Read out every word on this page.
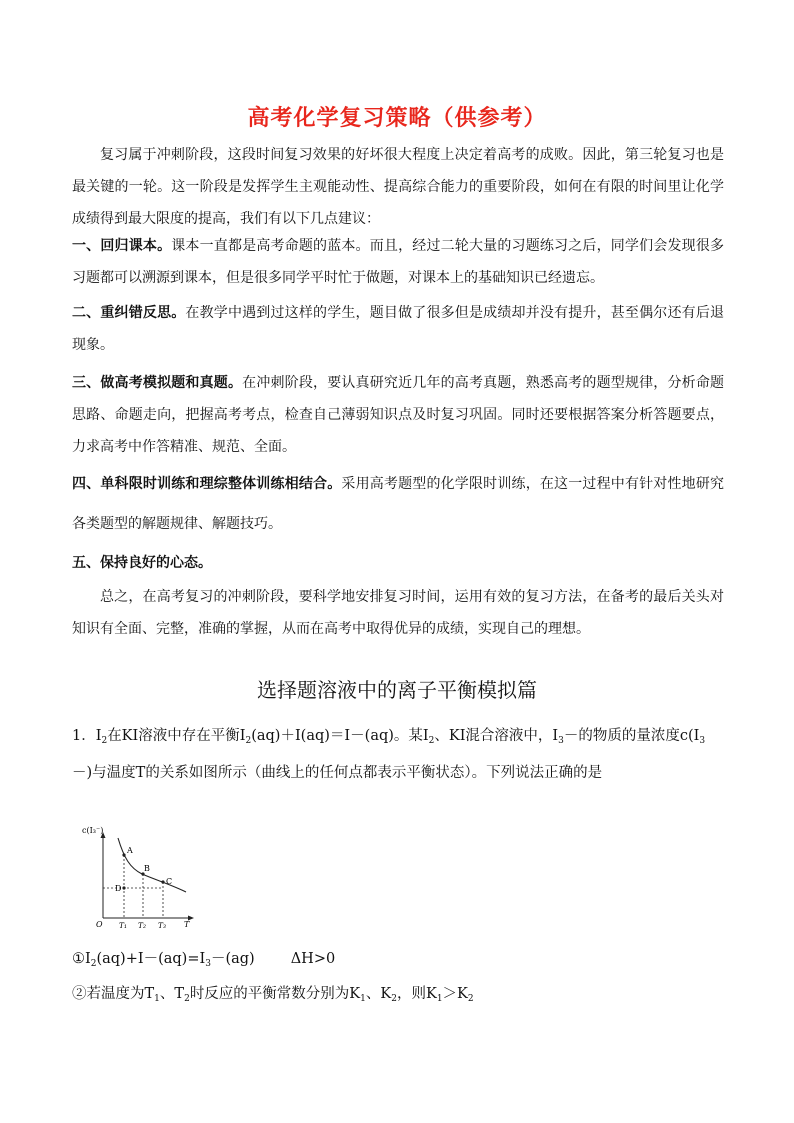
高考化学复习策略（供参考）

复习属于冲刺阶段，这段时间复习效果的好坏很大程度上决定着高考的成败。因此，第三轮复习也是最关键的一轮。这一阶段是发挥学生主观能动性、提高综合能力的重要阶段，如何在有限的时间里让化学成绩得到最大限度的提高，我们有以下几点建议：

一、回归课本。课本一直都是高考命题的蓝本。而且，经过二轮大量的习题练习之后，同学们会发现很多习题都可以溯源到课本，但是很多同学平时忙于做题，对课本上的基础知识已经遗忘。

二、重纠错反思。在教学中遇到过这样的学生，题目做了很多但是成绩却并没有提升，甚至偶尔还有后退现象。

三、做高考模拟题和真题。在冲刺阶段，要认真研究近几年的高考真题，熟悉高考的题型规律，分析命题思路、命题走向，把握高考考点，检查自己薄弱知识点及时复习巩固。同时还要根据答案分析答题要点，力求高考中作答精准、规范、全面。

四、单科限时训练和理综整体训练相结合。采用高考题型的化学限时训练，在这一过程中有针对性地研究各类题型的解题规律、解题技巧。

五、保持良好的心态。

总之，在高考复习的冲刺阶段，要科学地安排复习时间，运用有效的复习方法，在备考的最后关头对知识有全面、完整，准确的掌握，从而在高考中取得优异的成绩，实现自己的理想。

选择题溶液中的离子平衡模拟篇

1．$I_2$在KI溶液中存在平衡$I_2(aq)+I(aq)=I-(aq)$。某$I_2$、KI混合溶液中，$I_3-$的物质的量浓度$c(I_3-)$与温度T的关系如图所示（曲线上的任何点都表示平衡状态）。下列说法正确的是

c(I₃⁻)
O	T
A
B
C
D
T₁ T₂ T₃
$①I_2(aq)+I-(aq)=I_3-(ag)$ ΔH>0
②若温度为$T_1$、$T_2$时反应的平衡常数分别为$K_1$、$K_2$，则$K_1>K_2$
